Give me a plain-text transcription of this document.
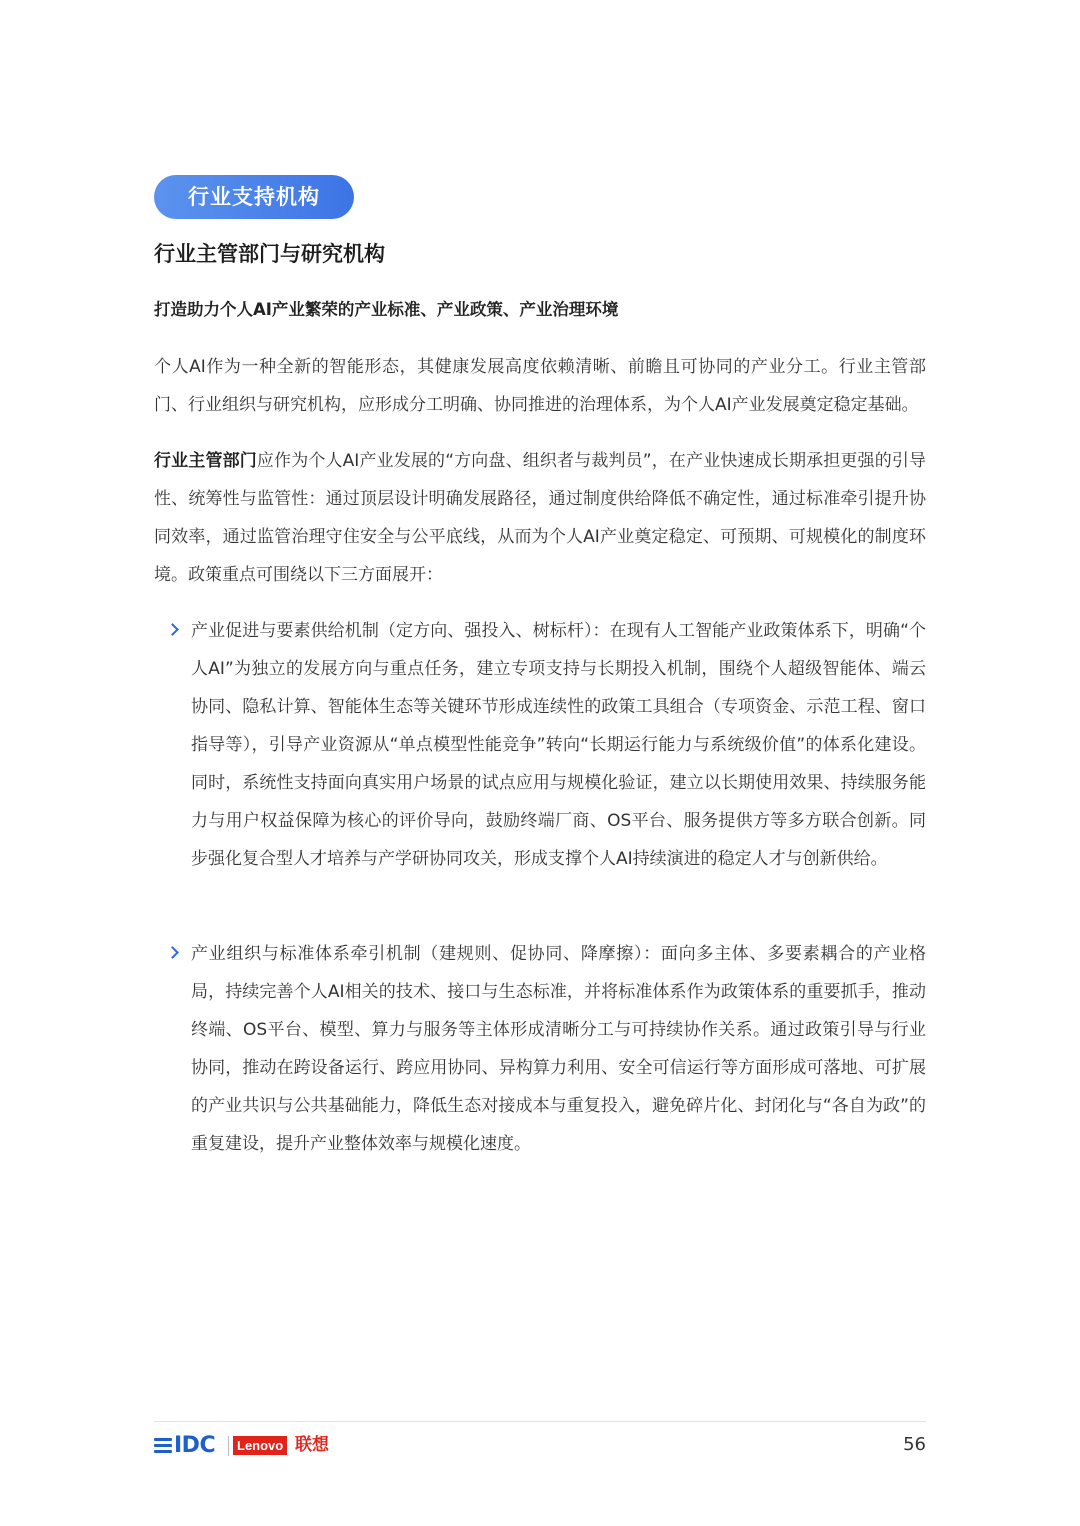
行业支持机构
行业主管部门与研究机构
打造助力个人AI产业繁荣的产业标准、产业政策、产业治理环境

个人AI作为一种全新的智能形态，其健康发展高度依赖清晰、前瞻且可协同的产业分工。行业主管部门、行业组织与研究机构，应形成分工明确、协同推进的治理体系，为个人AI产业发展奠定稳定基础。

行业主管部门应作为个人AI产业发展的“方向盘、组织者与裁判员”，在产业快速成长期承担更强的引导性、统筹性与监管性：通过顶层设计明确发展路径，通过制度供给降低不确定性，通过标准牵引提升协同效率，通过监管治理守住安全与公平底线，从而为个人AI产业奠定稳定、可预期、可规模化的制度环境。政策重点可围绕以下三方面展开：

产业促进与要素供给机制（定方向、强投入、树标杆）：在现有人工智能产业政策体系下，明确“个人AI”为独立的发展方向与重点任务，建立专项支持与长期投入机制，围绕个人超级智能体、端云协同、隐私计算、智能体生态等关键环节形成连续性的政策工具组合（专项资金、示范工程、窗口指导等），引导产业资源从“单点模型性能竞争”转向“长期运行能力与系统级价值”的体系化建设。同时，系统性支持面向真实用户场景的试点应用与规模化验证，建立以长期使用效果、持续服务能力与用户权益保障为核心的评价导向，鼓励终端厂商、OS平台、服务提供方等多方联合创新。同步强化复合型人才培养与产学研协同攻关，形成支撑个人AI持续演进的稳定人才与创新供给。

产业组织与标准体系牵引机制（建规则、促协同、降摩擦）：面向多主体、多要素耦合的产业格局，持续完善个人AI相关的技术、接口与生态标准，并将标准体系作为政策体系的重要抓手，推动终端、OS平台、模型、算力与服务等主体形成清晰分工与可持续协作关系。通过政策引导与行业协同，推动在跨设备运行、跨应用协同、异构算力利用、安全可信运行等方面形成可落地、可扩展的产业共识与公共基础能力，降低生态对接成本与重复投入，避免碎片化、封闭化与“各自为政”的重复建设，提升产业整体效率与规模化速度。

IDC	Lenovo 联想	56
